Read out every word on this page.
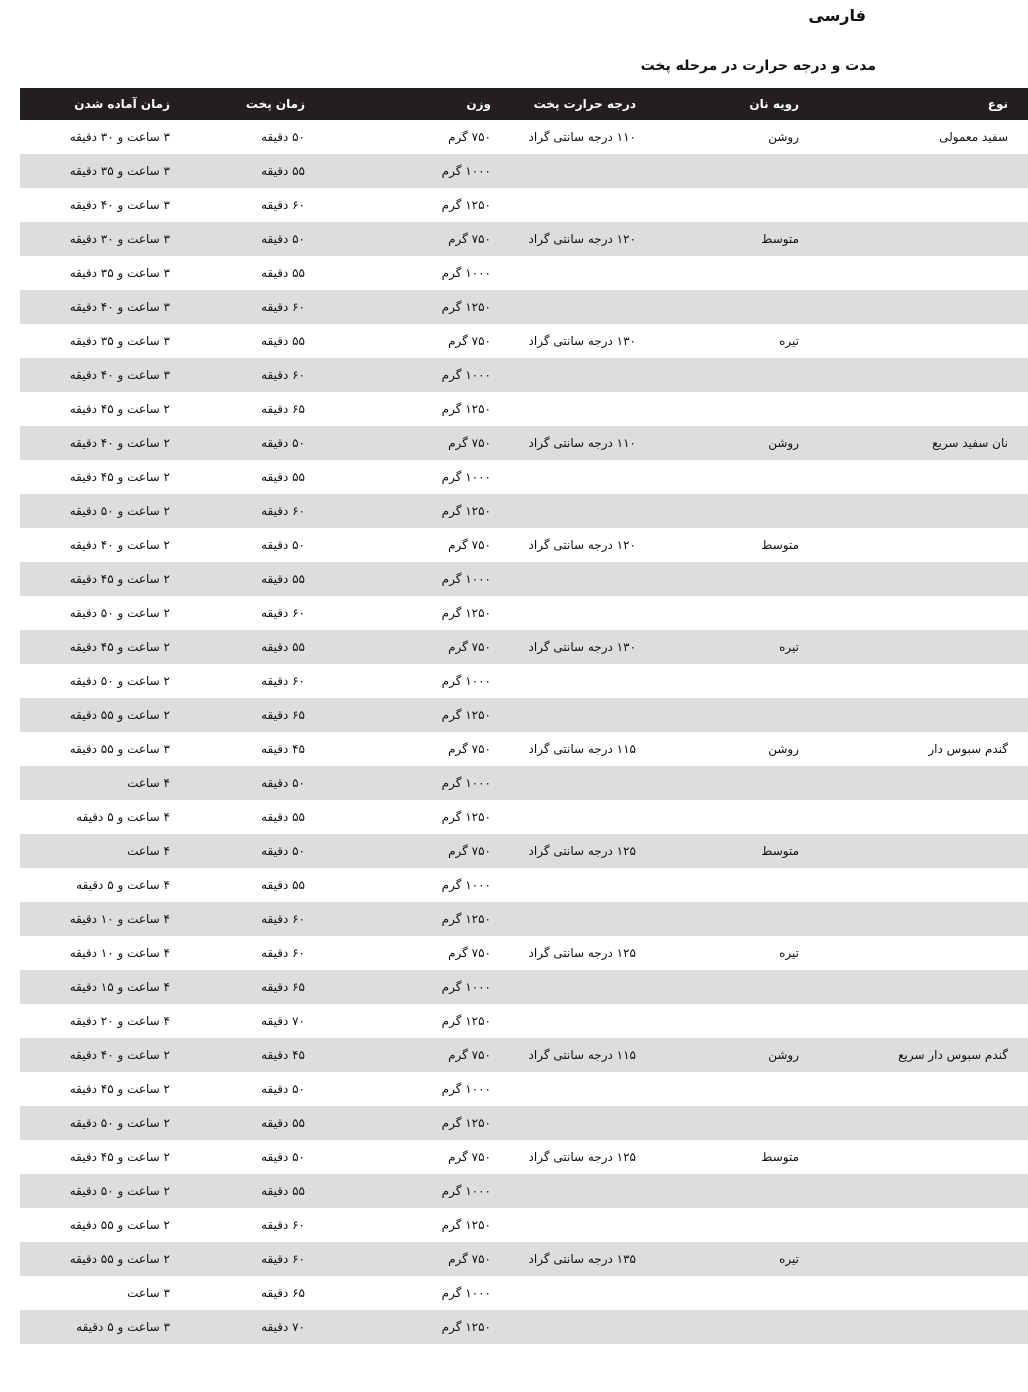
فارسی
مدت و درجه حرارت در مرحله پخت
نوع	رویه نان	درجه حرارت پخت	وزن	زمان پخت	زمان آماده شدن
سفید معمولی	روشن	۱۱۰ درجه سانتی گراد	۷۵۰ گرم	۵۰ دقیقه	۳ ساعت و ۳۰ دقیقه
			۱۰۰۰ گرم	۵۵ دقیقه	۳ ساعت و ۳۵ دقیقه
			۱۲۵۰ گرم	۶۰ دقیقه	۳ ساعت و ۴۰ دقیقه
	متوسط	۱۲۰ درجه سانتی گراد	۷۵۰ گرم	۵۰ دقیقه	۳ ساعت و ۳۰ دقیقه
			۱۰۰۰ گرم	۵۵ دقیقه	۳ ساعت و ۳۵ دقیقه
			۱۲۵۰ گرم	۶۰ دقیقه	۳ ساعت و ۴۰ دقیقه
	تیره	۱۳۰ درجه سانتی گراد	۷۵۰ گرم	۵۵ دقیقه	۳ ساعت و ۳۵ دقیقه
			۱۰۰۰ گرم	۶۰ دقیقه	۳ ساعت و ۴۰ دقیقه
			۱۲۵۰ گرم	۶۵ دقیقه	۲ ساعت و ۴۵ دقیقه
نان سفید سریع	روشن	۱۱۰ درجه سانتی گراد	۷۵۰ گرم	۵۰ دقیقه	۲ ساعت و ۴۰ دقیقه
			۱۰۰۰ گرم	۵۵ دقیقه	۲ ساعت و ۴۵ دقیقه
			۱۲۵۰ گرم	۶۰ دقیقه	۲ ساعت و ۵۰ دقیقه
	متوسط	۱۲۰ درجه سانتی گراد	۷۵۰ گرم	۵۰ دقیقه	۲ ساعت و ۴۰ دقیقه
			۱۰۰۰ گرم	۵۵ دقیقه	۲ ساعت و ۴۵ دقیقه
			۱۲۵۰ گرم	۶۰ دقیقه	۲ ساعت و ۵۰ دقیقه
	تیره	۱۳۰ درجه سانتی گراد	۷۵۰ گرم	۵۵ دقیقه	۲ ساعت و ۴۵ دقیقه
			۱۰۰۰ گرم	۶۰ دقیقه	۲ ساعت و ۵۰ دقیقه
			۱۲۵۰ گرم	۶۵ دقیقه	۲ ساعت و ۵۵ دقیقه
گندم سبوس دار	روشن	۱۱۵ درجه سانتی گراد	۷۵۰ گرم	۴۵ دقیقه	۳ ساعت و ۵۵ دقیقه
			۱۰۰۰ گرم	۵۰ دقیقه	۴ ساعت
			۱۲۵۰ گرم	۵۵ دقیقه	۴ ساعت و ۵ دقیقه
	متوسط	۱۲۵ درجه سانتی گراد	۷۵۰ گرم	۵۰ دقیقه	۴ ساعت
			۱۰۰۰ گرم	۵۵ دقیقه	۴ ساعت و ۵ دقیقه
			۱۲۵۰ گرم	۶۰ دقیقه	۴ ساعت و ۱۰ دقیقه
	تیره	۱۲۵ درجه سانتی گراد	۷۵۰ گرم	۶۰ دقیقه	۴ ساعت و ۱۰ دقیقه
			۱۰۰۰ گرم	۶۵ دقیقه	۴ ساعت و ۱۵ دقیقه
			۱۲۵۰ گرم	۷۰ دقیقه	۴ ساعت و ۲۰ دقیقه
گندم سبوس دار سریع	روشن	۱۱۵ درجه سانتی گراد	۷۵۰ گرم	۴۵ دقیقه	۲ ساعت و ۴۰ دقیقه
			۱۰۰۰ گرم	۵۰ دقیقه	۲ ساعت و ۴۵ دقیقه
			۱۲۵۰ گرم	۵۵ دقیقه	۲ ساعت و ۵۰ دقیقه
	متوسط	۱۲۵ درجه سانتی گراد	۷۵۰ گرم	۵۰ دقیقه	۲ ساعت و ۴۵ دقیقه
			۱۰۰۰ گرم	۵۵ دقیقه	۲ ساعت و ۵۰ دقیقه
			۱۲۵۰ گرم	۶۰ دقیقه	۲ ساعت و ۵۵ دقیقه
	تیره	۱۳۵ درجه سانتی گراد	۷۵۰ گرم	۶۰ دقیقه	۲ ساعت و ۵۵ دقیقه
			۱۰۰۰ گرم	۶۵ دقیقه	۳ ساعت
			۱۲۵۰ گرم	۷۰ دقیقه	۳ ساعت و ۵ دقیقه
